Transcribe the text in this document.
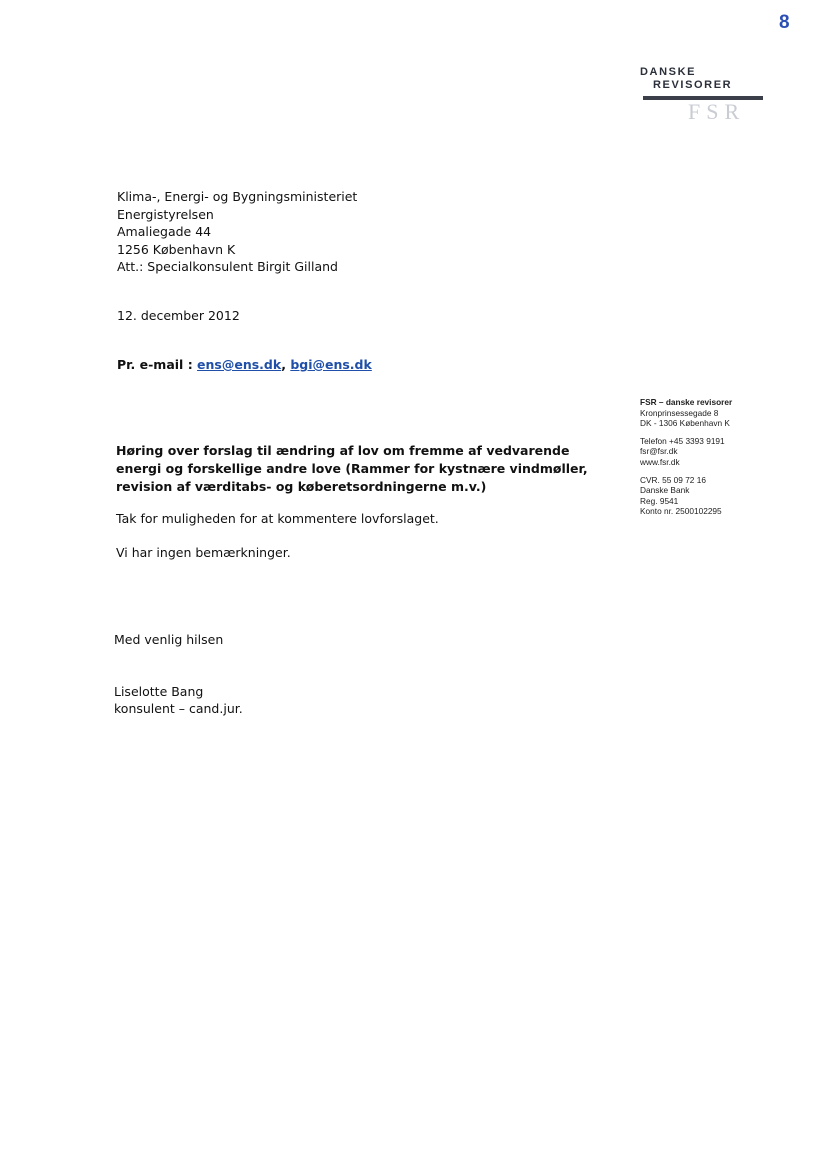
8
DANSKE
REVISORER
FSR
Klima-, Energi- og Bygningsministeriet
Energistyrelsen
Amaliegade 44
1256 København K
Att.: Specialkonsulent Birgit Gilland
12. december 2012
Pr. e-mail : ens@ens.dk, bgi@ens.dk
FSR – danske revisorer
Kronprinsessegade 8
DK - 1306 København K
Telefon +45 3393 9191
fsr@fsr.dk
www.fsr.dk
CVR. 55 09 72 16
Danske Bank
Reg. 9541
Konto nr. 2500102295
Høring over forslag til ændring af lov om fremme af vedvarende energi og forskellige andre love (Rammer for kystnære vindmøller, revision af værditabs- og køberetsordningerne m.v.)
Tak for muligheden for at kommentere lovforslaget.
Vi har ingen bemærkninger.
Med venlig hilsen
Liselotte Bang
konsulent – cand.jur.
